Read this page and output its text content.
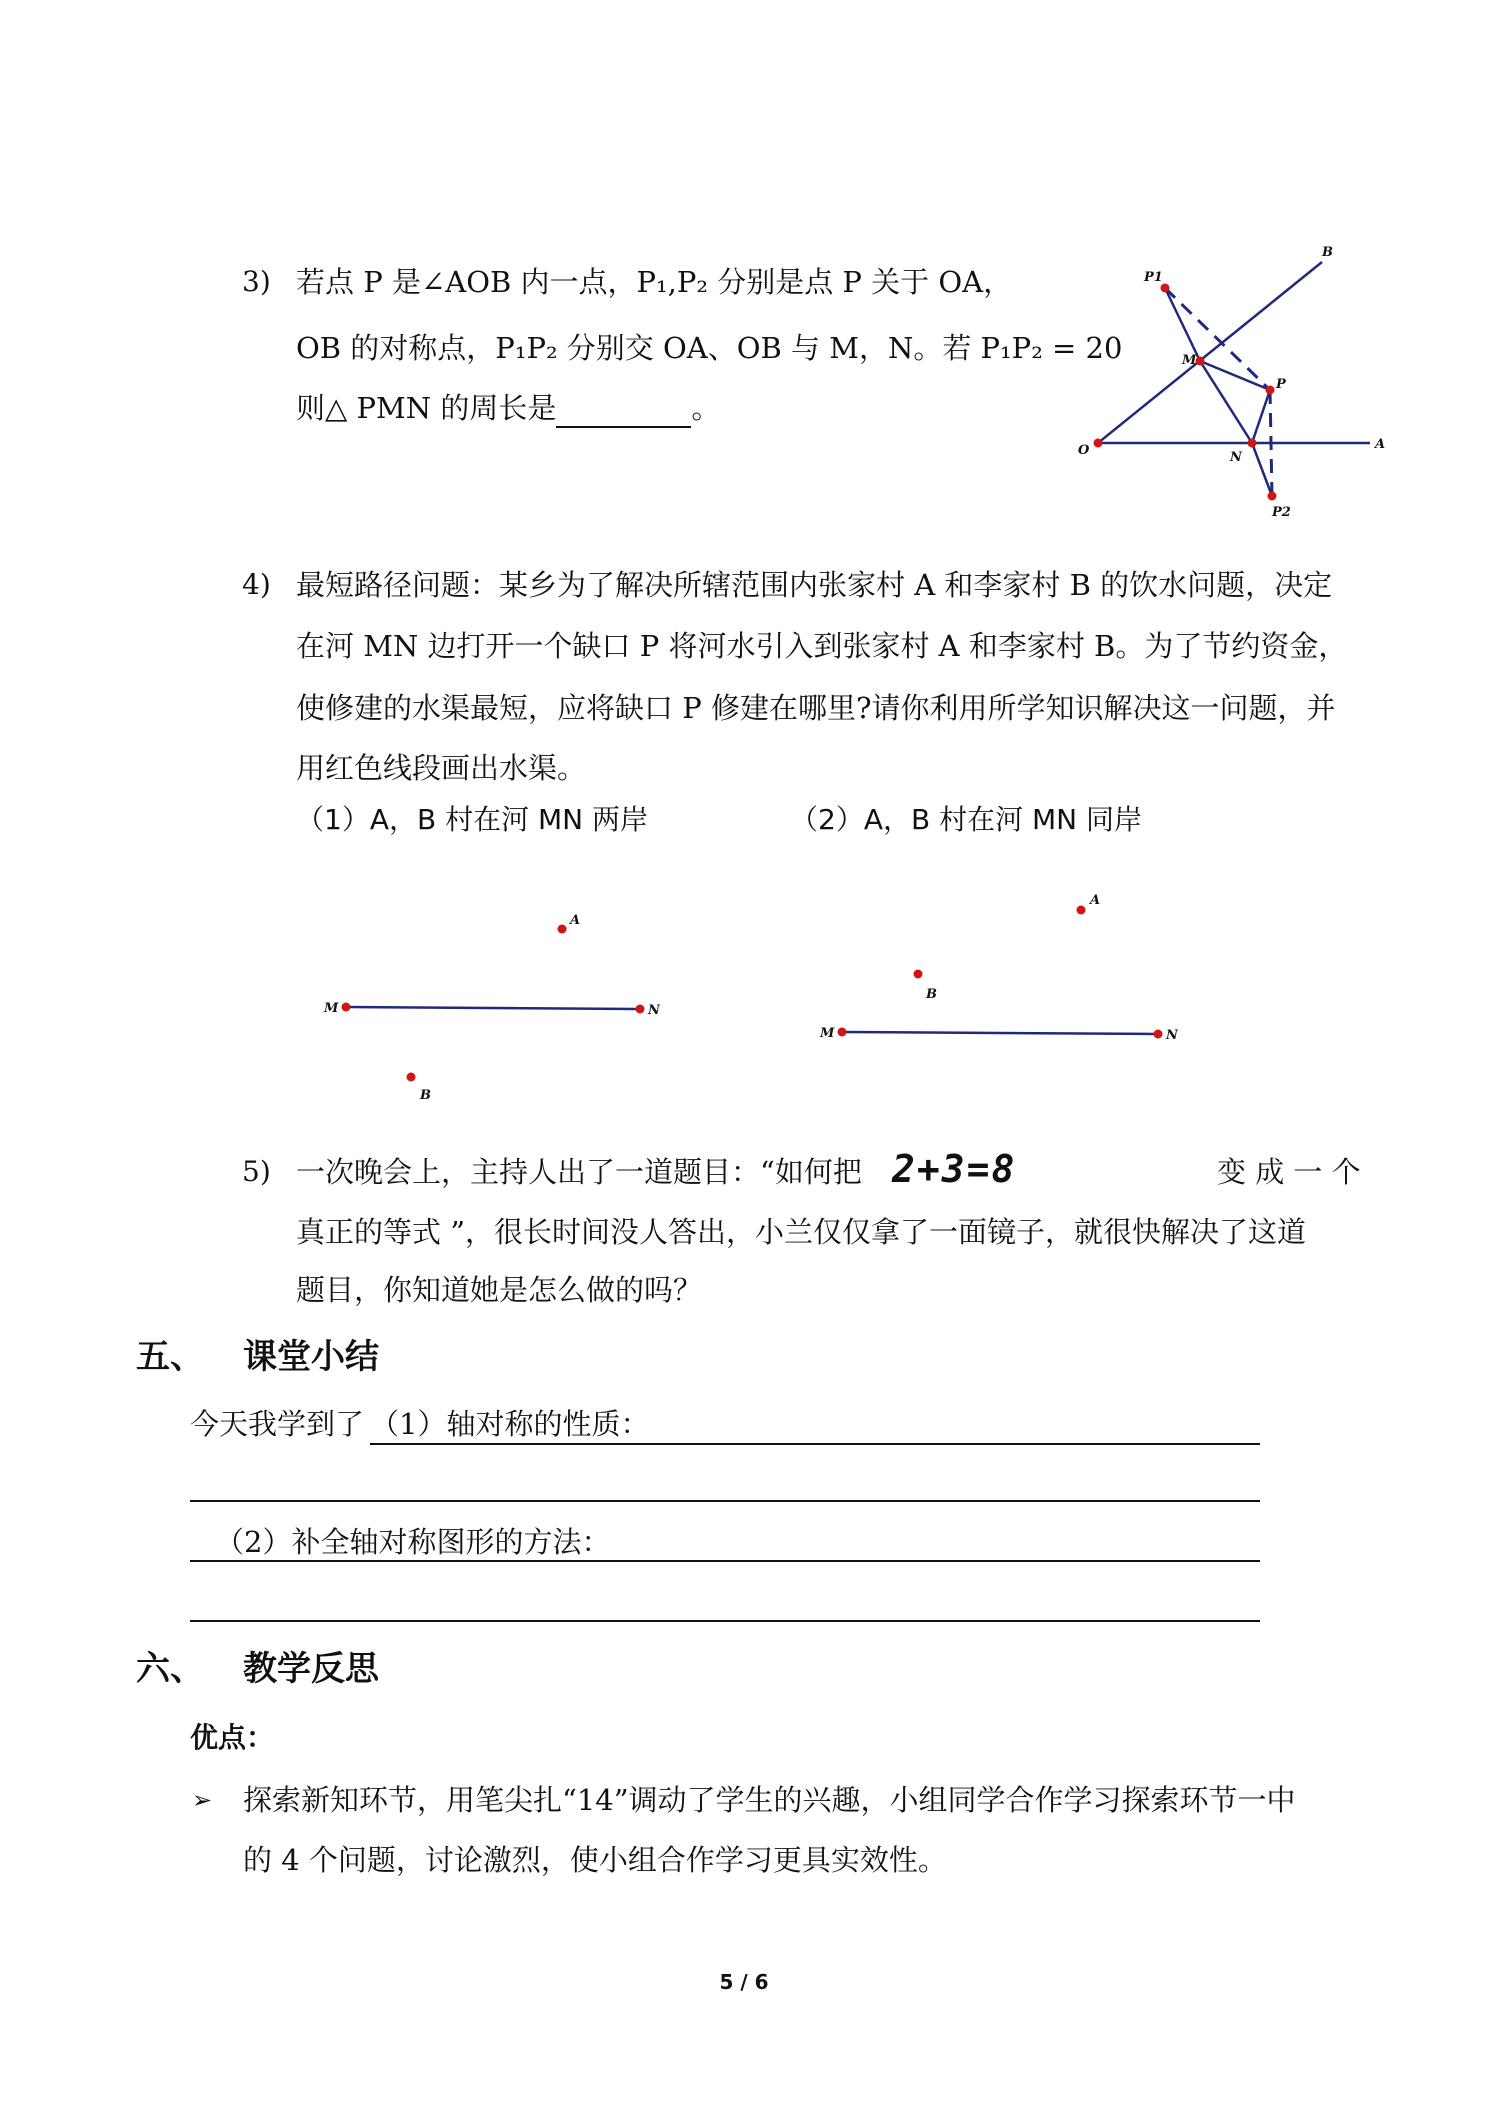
3) 若点 P 是∠AOB 内一点，P₁,P₂ 分别是点 P 关于 OA，
OB 的对称点，P₁P₂ 分别交 OA、OB 与 M，N。若 P₁P₂ = 20
则△ PMN 的周长是	。
B
P1
M
P
O	N
A
P2
4) 最短路径问题：某乡为了解决所辖范围内张家村 A 和李家村 B 的饮水问题，决定
在河 MN 边打开一个缺口 P 将河水引入到张家村 A 和李家村 B。为了节约资金，
使修建的水渠最短，应将缺口 P 修建在哪里?请你利用所学知识解决这一问题，并
用红色线段画出水渠。
（1）A，B 村在河 MN 两岸	（2）A，B 村在河 MN 同岸
A
M	N
B
A
B
M	N
5) 一次晚会上，主持人出了一道题目：“如何把 2+3=8	变 成 一 个
真正的等式 ”，很长时间没人答出，小兰仅仅拿了一面镜子，就很快解决了这道
题目，你知道她是怎么做的吗？
五、 课堂小结
今天我学到了 （1）轴对称的性质：
（2）补全轴对称图形的方法：
六、 教学反思
优点：
➢ 探索新知环节，用笔尖扎“14”调动了学生的兴趣，小组同学合作学习探索环节一中
的 4 个问题，讨论激烈，使小组合作学习更具实效性。
5 / 6
